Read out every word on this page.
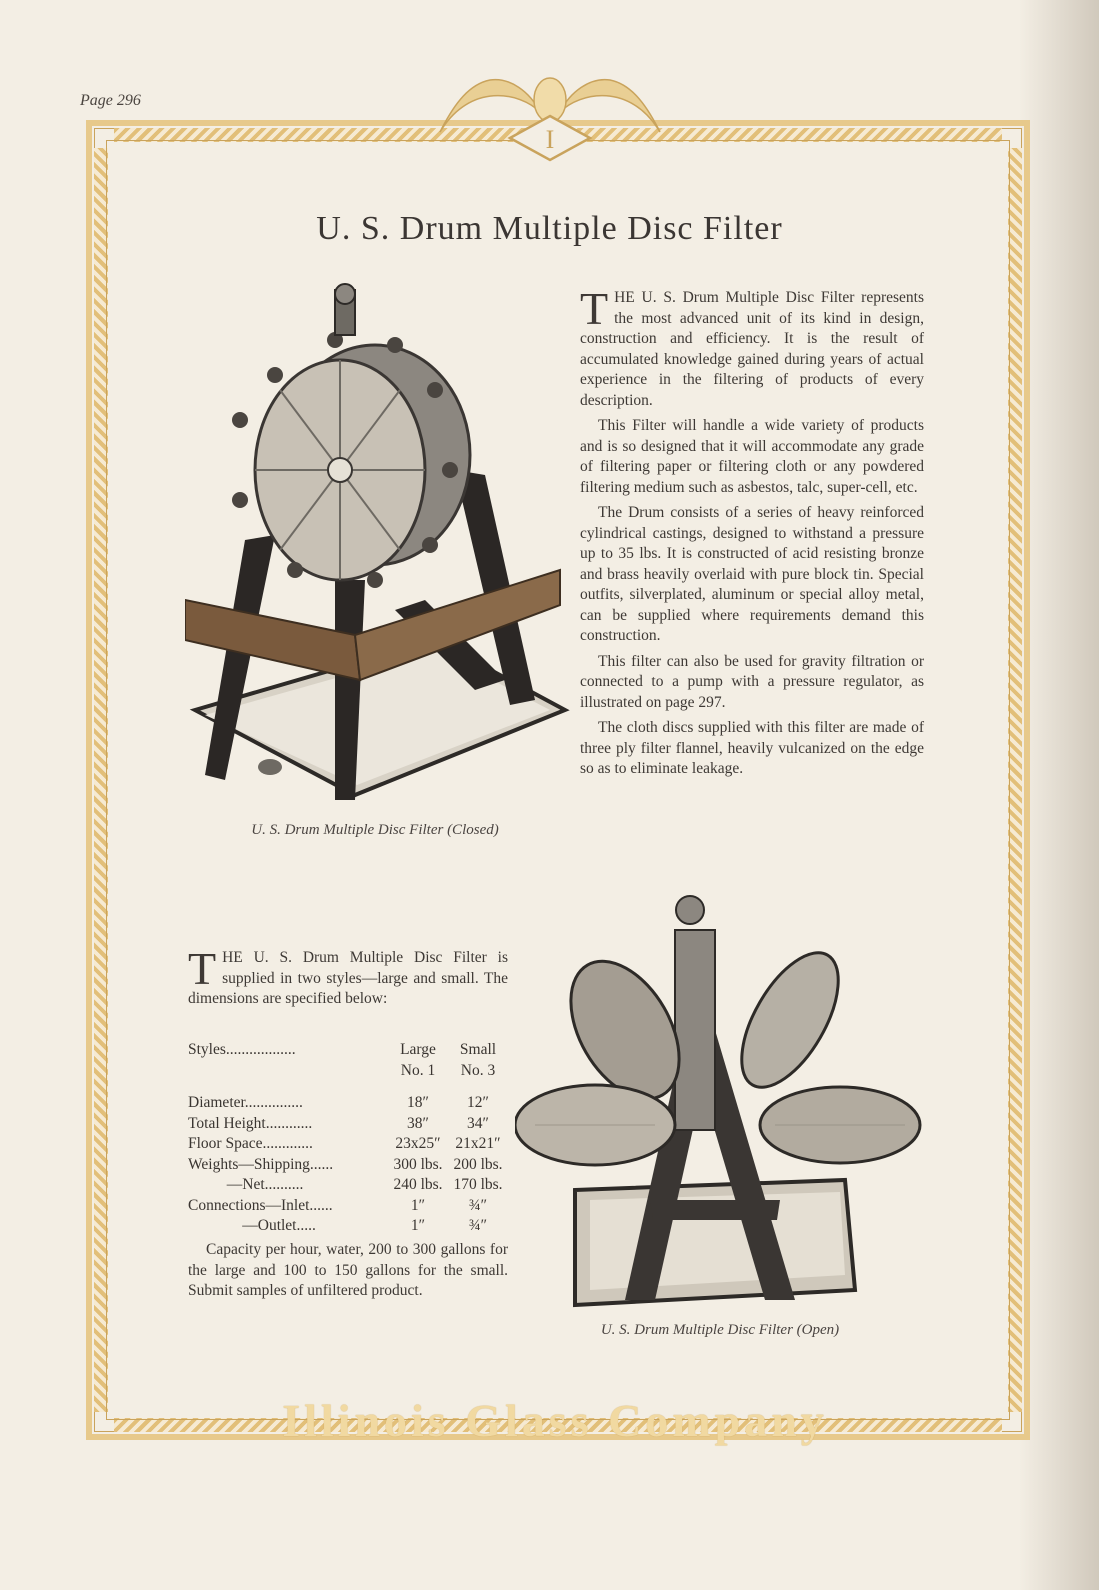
Page 296
I
U. S. Drum Multiple Disc Filter
U. S. Drum Multiple Disc Filter (Closed)

THE U. S. Drum Multiple Disc Filter represents the most advanced unit of its kind in design, construction and efficiency. It is the result of accumulated knowledge gained during years of actual experience in the filtering of products of every description.

This Filter will handle a wide variety of products and is so designed that it will accommodate any grade of filtering paper or filtering cloth or any powdered filtering medium such as asbestos, talc, super-cell, etc.

The Drum consists of a series of heavy reinforced cylindrical castings, designed to withstand a pressure up to 35 lbs. It is constructed of acid resisting bronze and brass heavily overlaid with pure block tin. Special outfits, silverplated, aluminum or special alloy metal, can be supplied where requirements demand this construction.

This filter can also be used for gravity filtration or connected to a pump with a pressure regulator, as illustrated on page 297.

The cloth discs supplied with this filter are made of three ply filter flannel, heavily vulcanized on the edge so as to eliminate leakage.

THE U. S. Drum Multiple Disc Filter is supplied in two styles—large and small. The dimensions are specified below:

Styles..................	Large	Small
No. 1	No. 3
Diameter...............	18″	12″
Total Height............	38″	34″
Floor Space.............	23x25″ 21x21″
Weights—Shipping......	300 lbs. 200 lbs.
—Net..........	240 lbs. 170 lbs.
Connections—Inlet......	1″	¾″
—Outlet.....	1″	¾″

Capacity per hour, water, 200 to 300 gallons for the large and 100 to 150 gallons for the small. Submit samples of unfiltered product.

U. S. Drum Multiple Disc Filter (Open)
Illinois Glass Company
